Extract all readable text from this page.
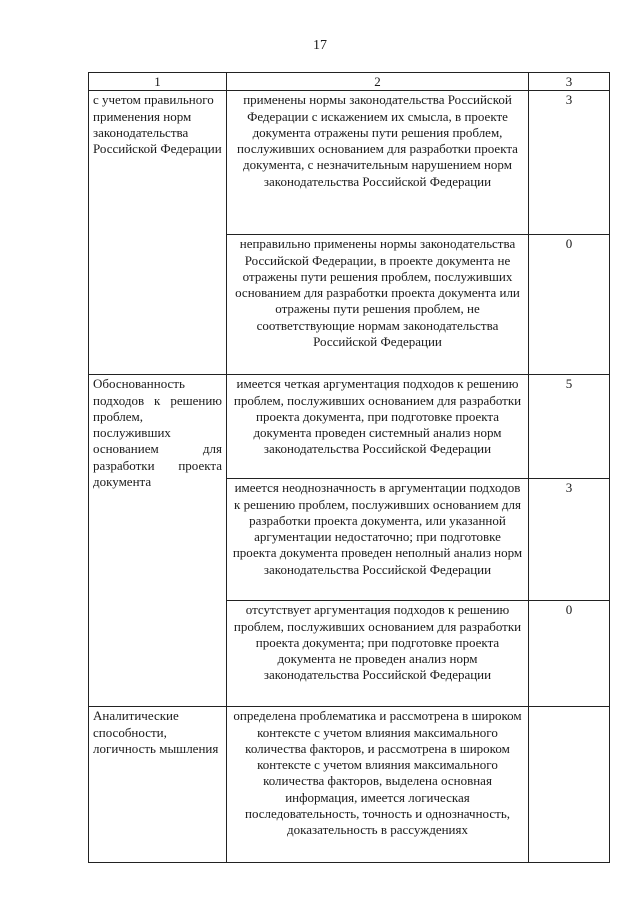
17
1	2	3

с учетом правильного применения норм законодательства Российской Федерации	применены нормы законодательства Российской Федерации с искажением их смысла, в проекте документа отражены пути решения проблем, послуживших основанием для разработки проекта документа, с незначительным нарушением норм законодательства Российской Федерации	3
	неправильно применены нормы законодательства Российской Федерации, в проекте документа не отражены пути решения проблем, послуживших основанием для разработки проекта документа или отражены пути решения проблем, не соответствующие нормам законодательства Российской Федерации	0

Обоснованность подходов к решению проблем, послуживших основанием для разработки проекта документа	имеется четкая аргументация подходов к решению проблем, послуживших основанием для разработки проекта документа, при подготовке проекта документа проведен системный анализ норм законодательства Российской Федерации	5
	имеется неоднозначность в аргументации подходов к решению проблем, послуживших основанием для разработки проекта документа, или указанной аргументации недостаточно; при подготовке проекта документа проведен неполный анализ норм законодательства Российской Федерации	3
	отсутствует аргументация подходов к решению проблем, послуживших основанием для разработки проекта документа; при подготовке проекта документа не проведен анализ норм законодательства Российской Федерации	0

Аналитические способности, логичность мышления	определена проблематика и рассмотрена в широком контексте с учетом влияния максимального количества факторов, и рассмотрена в широком контексте с учетом влияния максимального количества факторов, выделена основная информация, имеется логическая последовательность, точность и однозначность, доказательность в рассуждениях	
